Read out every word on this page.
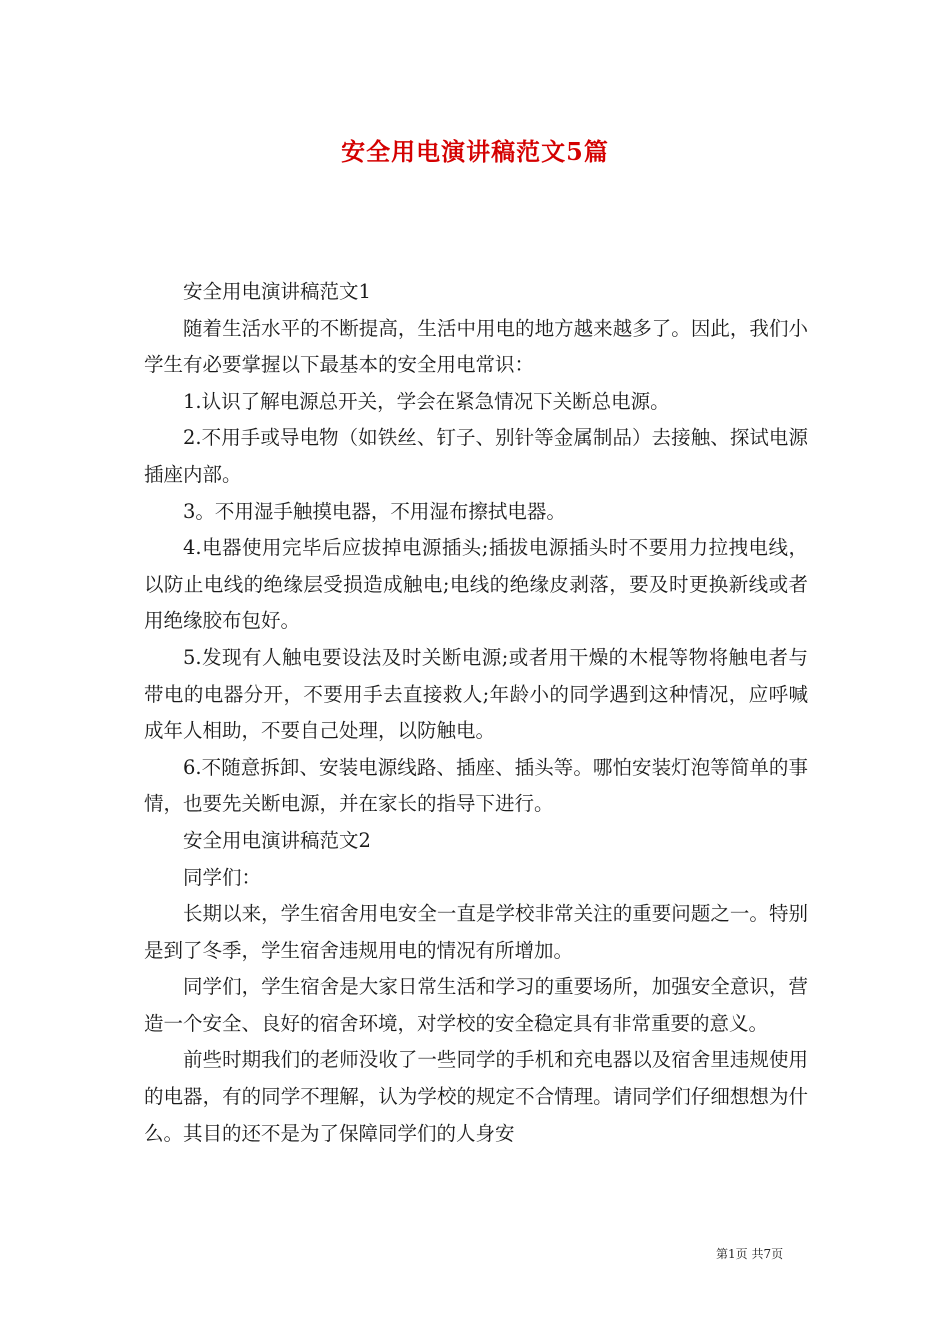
安全用电演讲稿范文5篇

安全用电演讲稿范文1

随着生活水平的不断提高，生活中用电的地方越来越多了。因此，我们小学生有必要掌握以下最基本的安全用电常识：

1.认识了解电源总开关，学会在紧急情况下关断总电源。

2.不用手或导电物（如铁丝、钉子、别针等金属制品）去接触、探试电源插座内部。

3。不用湿手触摸电器，不用湿布擦拭电器。

4.电器使用完毕后应拔掉电源插头;插拔电源插头时不要用力拉拽电线，以防止电线的绝缘层受损造成触电;电线的绝缘皮剥落，要及时更换新线或者用绝缘胶布包好。

5.发现有人触电要设法及时关断电源;或者用干燥的木棍等物将触电者与带电的电器分开，不要用手去直接救人;年龄小的同学遇到这种情况，应呼喊成年人相助，不要自己处理，以防触电。

6.不随意拆卸、安装电源线路、插座、插头等。哪怕安装灯泡等简单的事情，也要先关断电源，并在家长的指导下进行。

安全用电演讲稿范文2

同学们：

长期以来，学生宿舍用电安全一直是学校非常关注的重要问题之一。特别是到了冬季，学生宿舍违规用电的情况有所增加。

同学们，学生宿舍是大家日常生活和学习的重要场所，加强安全意识，营造一个安全、良好的宿舍环境，对学校的安全稳定具有非常重要的意义。

前些时期我们的老师没收了一些同学的手机和充电器以及宿舍里违规使用的电器，有的同学不理解，认为学校的规定不合情理。请同学们仔细想想为什么。其目的还不是为了保障同学们的人身安

第1页 共7页
